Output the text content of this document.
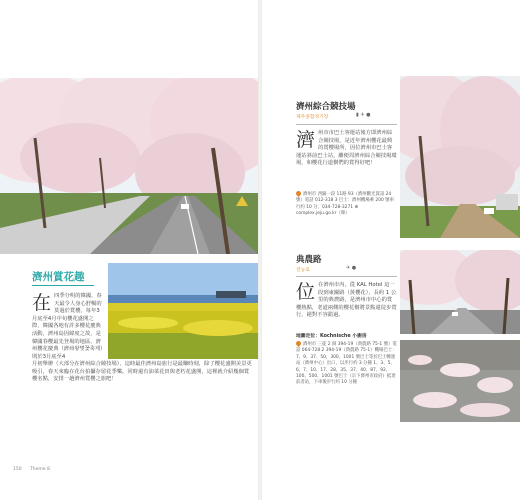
濟州賞花趣
在四季分明的韓國，春天最令人身心舒暢的莫過於賞櫻，每年3月底至4月中旬櫻花盛開之際，韓國各地有許多櫻花慶典活動，濟州島因緯度之故，是韓國春櫻最先登場的地區，濟州櫻花慶典（濟州왕벚꽃축제）則於3月底至4
月初舉辦（大部分在濟州綜合競技場），這時最佳濟州島旅行是最賺時刻，除了櫻花盛開美景更吸引，春天來臨在花台拍攝存留花季樂。同時還有油菜花田與老朽花盛開，這裡就介紹幾個賞櫻名點，安排一趟濟州賞櫻之旅吧！
150 Theme 8
濟州綜合競技場
제주종합경기장	▮ ✈ ●
濟州市市巴士客運站後方即濟州綜合競技場，是近年濟州櫻花最興的賞櫻場所，因位濟州市巴士客運站斜前巴士站，離便周濟州綜合競技場環場，和櫻花行道樹們的賞得好吧！
濟州市 西歸一段 11路 93（濟州觀光資訊 24 號）電話 012-318 3 巴士：濟州機場乘 200 號車行約 10 分，034-728-3271 ⊕ complex.jeju.go.kr（韓）
典農路
전농로	✈ ●
位在濟州市內，從 KAL Hotel 這一段到東關路（黃櫻花），長約 1 公里的典農路，是濟州市中心的賞櫻熱點，老道兩側的櫻花樹將景點還徒步賞行，絕對不容錯過。
地圖定位：Kochnische 小廚房
濟州市 三徒 2 洞 394-19（典農路 75-1 號）電話 064-728 2 394-19（典農路 75-1）機場巴士：7、9、37、50、300、1001 號巴士等於巴士轉運站（濟州中心）出口，以步行約 3 分鐘 1、3、5、6、7、10、17、28、35、37、40、87、92、100、500、1001 號巴士（宗下濟州市政府）抵達前者站，下車後步行約 10 分鐘
